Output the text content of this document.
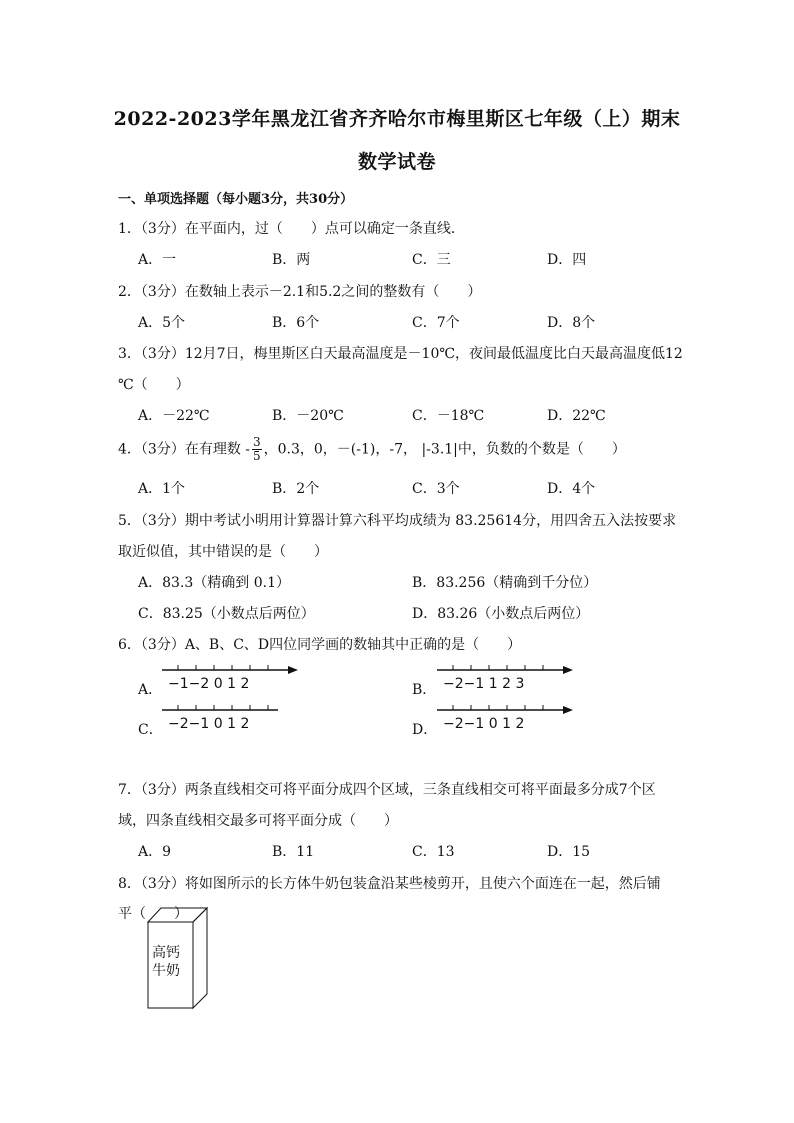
2022-2023学年黑龙江省齐齐哈尔市梅里斯区七年级（上）期末
数学试卷
一、单项选择题（每小题3分，共30分）
1．（3分）在平面内，过（　　）点可以确定一条直线．
A．一	B．两	C．三	D．四
2．（3分）在数轴上表示－2.1和5.2之间的整数有（　　）
A．5个	B．6个	C．7个	D．8个
3．（3分）12月7日，梅里斯区白天最高温度是－10℃，夜间最低温度比白天最高温度低12
℃（　　）
A．－22℃	B．－20℃	C．－18℃	D．22℃
4．（3分）在有理数 - $\frac{3}{5}$ ，0.3，0，－(-1)，-7， |-3.1|中，负数的个数是（　　）
A．1个	B．2个	C．3个	D．4个
5．（3分）期中考试小明用计算器计算六科平均成绩为 83.25614分，用四舍五入法按要求
取近似值，其中错误的是（　　）
A．83.3（精确到 0.1）	B．83.256（精确到千分位）
C．83.25（小数点后两位）	D．83.26（小数点后两位）
6．（3分）A、B、C、D四位同学画的数轴其中正确的是（　　）
A． −1−2 0 1 2	B． −2−1 1 2 3
C． −2−1 0 1 2	D． −2−1 0 1 2
7．（3分）两条直线相交可将平面分成四个区域，三条直线相交可将平面最多分成7个区
域，四条直线相交最多可将平面分成（　　）
A．9	B．11	C．13	D．15
8．（3分）将如图所示的长方体牛奶包装盒沿某些棱剪开，且使六个面连在一起，然后铺
平（　　）
高钙
牛奶
